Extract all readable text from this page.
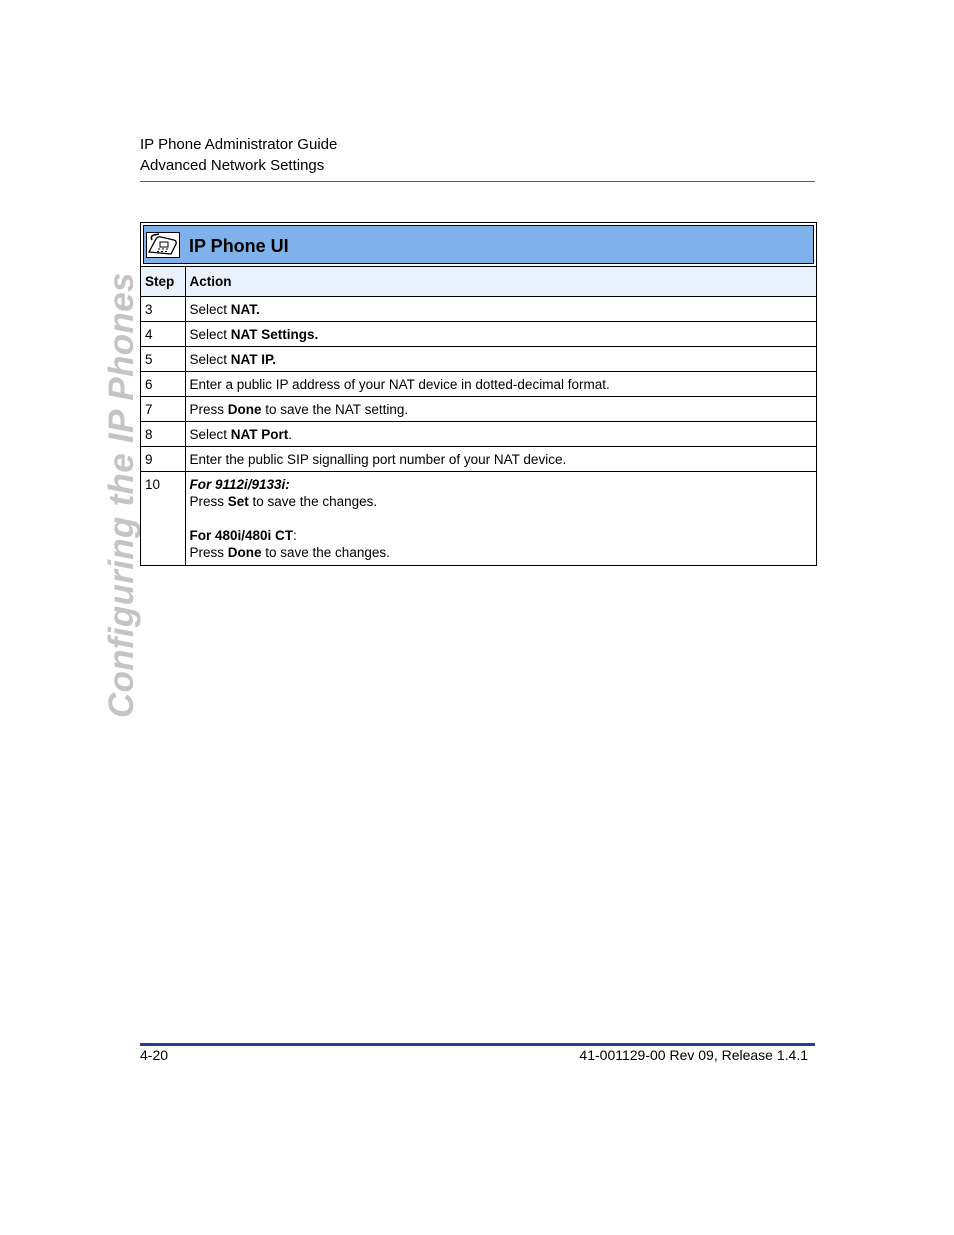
IP Phone Administrator Guide
Advanced Network Settings
Configuring the IP Phones
IP Phone UI
Step	Action
3	Select NAT.
4	Select NAT Settings.
5	Select NAT IP.
6	Enter a public IP address of your NAT device in dotted-decimal format.
7	Press Done to save the NAT setting.
8	Select NAT Port.
9	Enter the public SIP signalling port number of your NAT device.
10	For 9112i/9133i:
Press Set to save the changes.
For 480i/480i CT:
Press Done to save the changes.
4-20	41-001129-00 Rev 09, Release 1.4.1
